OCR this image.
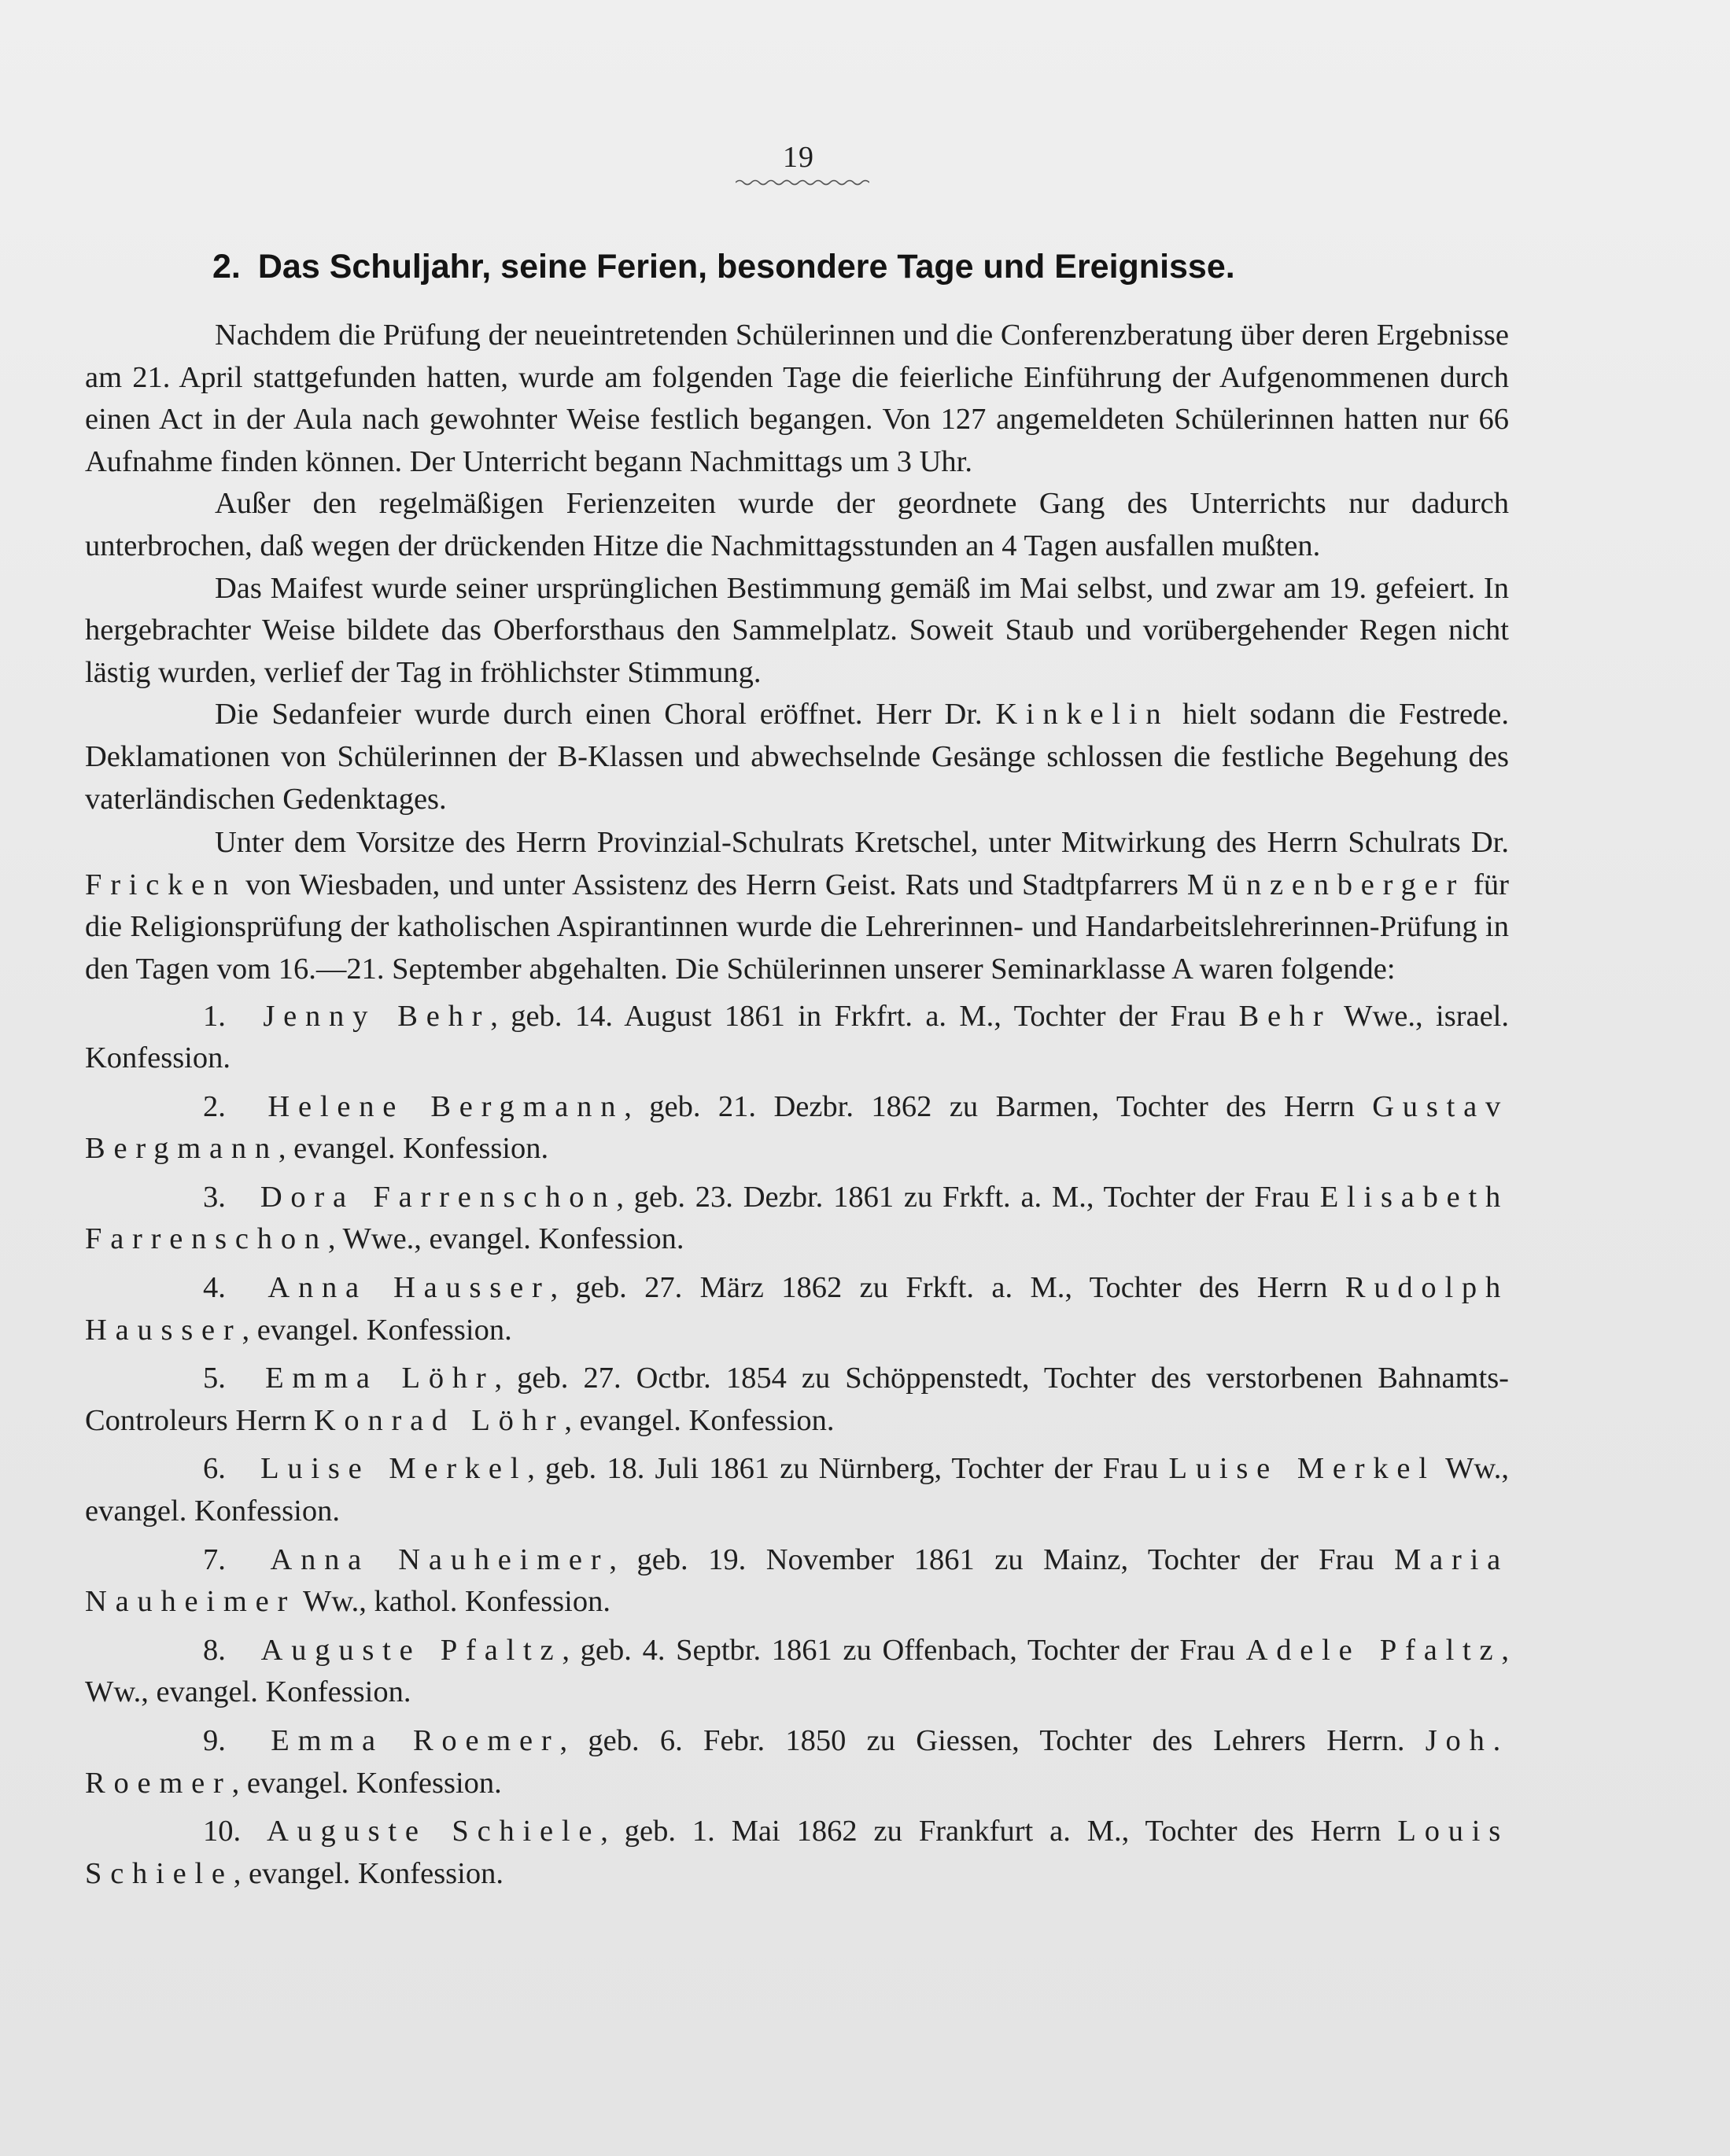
19
2. Das Schuljahr, seine Ferien, besondere Tage und Ereignisse.

Nachdem die Prüfung der neueintretenden Schülerinnen und die Conferenzberatung über deren Ergebnisse am 21. April stattgefunden hatten, wurde am folgenden Tage die feierliche Einführung der Aufgenommenen durch einen Act in der Aula nach gewohnter Weise festlich begangen. Von 127 angemeldeten Schülerinnen hatten nur 66 Aufnahme finden können. Der Unterricht begann Nachmittags um 3 Uhr.

Außer den regelmäßigen Ferienzeiten wurde der geordnete Gang des Unterrichts nur dadurch unterbrochen, daß wegen der drückenden Hitze die Nachmittagsstunden an 4 Tagen ausfallen mußten.

Das Maifest wurde seiner ursprünglichen Bestimmung gemäß im Mai selbst, und zwar am 19. gefeiert. In hergebrachter Weise bildete das Oberforsthaus den Sammelplatz. Soweit Staub und vorübergehender Regen nicht lästig wurden, verlief der Tag in fröhlichster Stimmung.

Die Sedanfeier wurde durch einen Choral eröffnet. Herr Dr. Kinkelin hielt sodann die Festrede. Deklamationen von Schülerinnen der B-Klassen und abwechselnde Gesänge schlossen die festliche Begehung des vaterländischen Gedenktages.

Unter dem Vorsitze des Herrn Provinzial-Schulrats Kretschel, unter Mitwirkung des Herrn Schulrats Dr. Fricken von Wiesbaden, und unter Assistenz des Herrn Geist. Rats und Stadtpfarrers Münzenberger für die Religionsprüfung der katholischen Aspirantinnen wurde die Lehrerinnen- und Handarbeitslehrerinnen-Prüfung in den Tagen vom 16.—21. September abgehalten. Die Schülerinnen unserer Seminarklasse A waren folgende:

1. Jenny Behr, geb. 14. August 1861 in Frkfrt. a. M., Tochter der Frau Behr Wwe., israel. Konfession.
2. Helene Bergmann, geb. 21. Dezbr. 1862 zu Barmen, Tochter des Herrn Gustav Bergmann, evangel. Konfession.
3. Dora Farrenschon, geb. 23. Dezbr. 1861 zu Frkft. a. M., Tochter der Frau Elisabeth Farrenschon, Wwe., evangel. Konfession.
4. Anna Hausser, geb. 27. März 1862 zu Frkft. a. M., Tochter des Herrn Rudolph Hausser, evangel. Konfession.
5. Emma Löhr, geb. 27. Octbr. 1854 zu Schöppenstedt, Tochter des verstorbenen Bahnamts-Controleurs Herrn Konrad Löhr, evangel. Konfession.
6. Luise Merkel, geb. 18. Juli 1861 zu Nürnberg, Tochter der Frau Luise Merkel Ww., evangel. Konfession.
7. Anna Nauheimer, geb. 19. November 1861 zu Mainz, Tochter der Frau Maria Nauheimer Ww., kathol. Konfession.
8. Auguste Pfaltz, geb. 4. Septbr. 1861 zu Offenbach, Tochter der Frau Adele Pfaltz, Ww., evangel. Konfession.
9. Emma Roemer, geb. 6. Febr. 1850 zu Giessen, Tochter des Lehrers Herrn. Joh. Roemer, evangel. Konfession.
10. Auguste Schiele, geb. 1. Mai 1862 zu Frankfurt a. M., Tochter des Herrn Louis Schiele, evangel. Konfession.
